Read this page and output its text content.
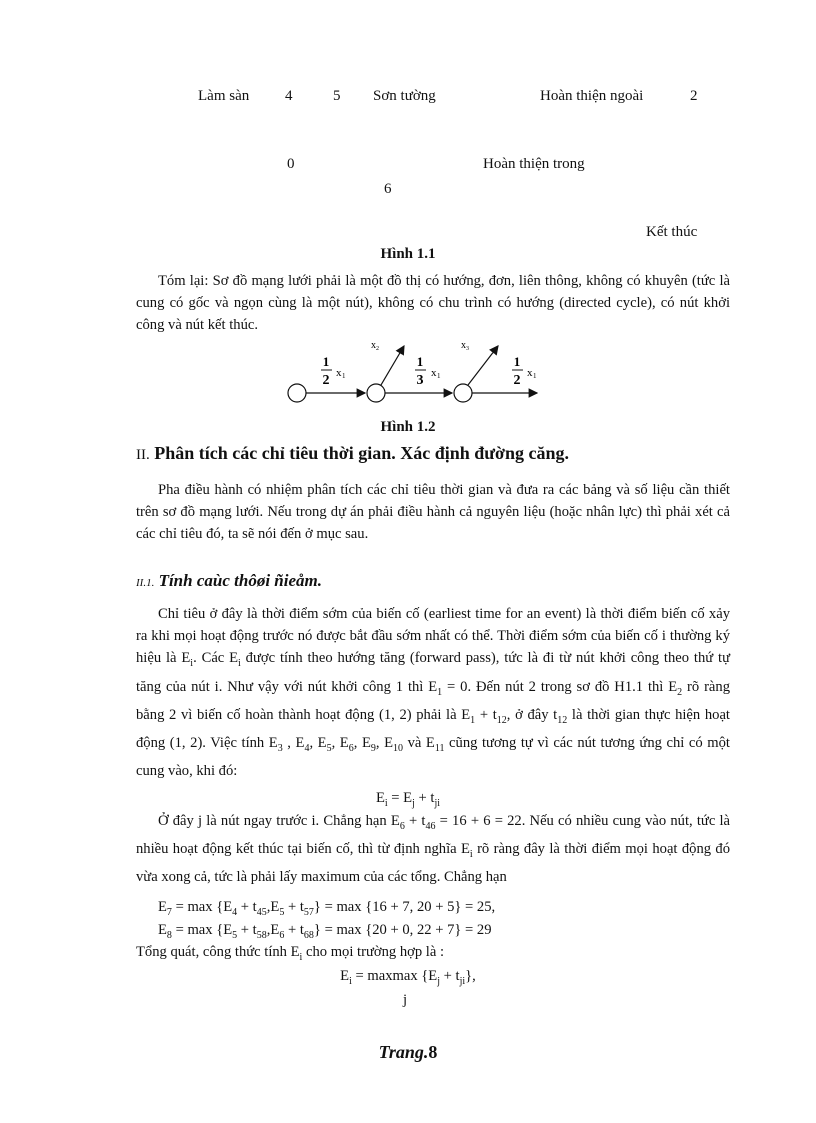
Làm sàn 4	5 Sơn tường	Hoàn thiện ngoài	2
0	Hoàn thiện trong
6
Kết thúc
Hình 1.1

Tóm lại: Sơ đồ mạng lưới phải là một đồ thị có hướng, đơn, liên thông, không có khuyên (tức là cung có gốc và ngọn cùng là một nút), không có chu trình có hướng (directed cycle), có nút khởi công và nút kết thúc.

1
2 x 1
1
3 x 1
1
2 x 1
x 2	x 3
Hình 1.2
II. Phân tích các chỉ tiêu thời gian. Xác định đường căng.

Pha điều hành có nhiệm phân tích các chỉ tiêu thời gian và đưa ra các bảng và số liệu cần thiết trên sơ đồ mạng lưới. Nếu trong dự án phải điều hành cả nguyên liệu (hoặc nhân lực) thì phải xét cả các chỉ tiêu đó, ta sẽ nói đến ở mục sau.

II.1. Tính caùc thôøi ñieåm.

Chỉ tiêu ở đây là thời điểm sớm của biến cố (earliest time for an event) là thời điểm biến cố xảy ra khi mọi hoạt động trước nó được bắt đầu sớm nhất có thể. Thời điểm sớm của biến cố i thường ký hiệu là $E_i$. Các $E_i$ được tính theo hướng tăng (forward pass), tức là đi từ nút khởi công theo thứ tự tăng của nút i. Như vậy với nút khởi công 1 thì $E_1 = 0$. Đến nút 2 trong sơ đồ H1.1 thì $E_2$ rõ ràng bằng 2 vì biến cố hoàn thành hoạt động (1, 2) phải là $E_1 + t_{12}$, ở đây $t_{12}$ là thời gian thực hiện hoạt động (1, 2). Việc tính $E_3$ , $E_4$, $E_5$, $E_6$, $E_9$, $E_{10}$ và $E_{11}$ cũng tương tự vì các nút tương ứng chỉ có một cung vào, khi đó:

$E_i = E_j + t_{ji}$

Ở đây j là nút ngay trước i. Chẳng hạn $E_6 + t_{46} = 16 + 6 = 22$. Nếu có nhiều cung vào nút, tức là nhiều hoạt động kết thúc tại biến cố, thì từ định nghĩa $E_i$ rõ ràng đây là thời điểm mọi hoạt động đó vừa xong cả, tức là phải lấy maximum của các tổng. Chẳng hạn

$E_7 = \max \{E_4 + t_{45},E_5 + t_{57}\} = \max \{16 + 7$, 20 + 5} = 25,
$E_8 = \max \{E_5 + t_{58},E_6 + t_{68}\} = \max \{20 + 0$, 22 + 7} = 29
Tổng quát, công thức tính $E_i$ cho mọi trường hợp là :
$E_i = maxmax$ $\{E_j + t_{ji}\}$,
j
Trang.8
